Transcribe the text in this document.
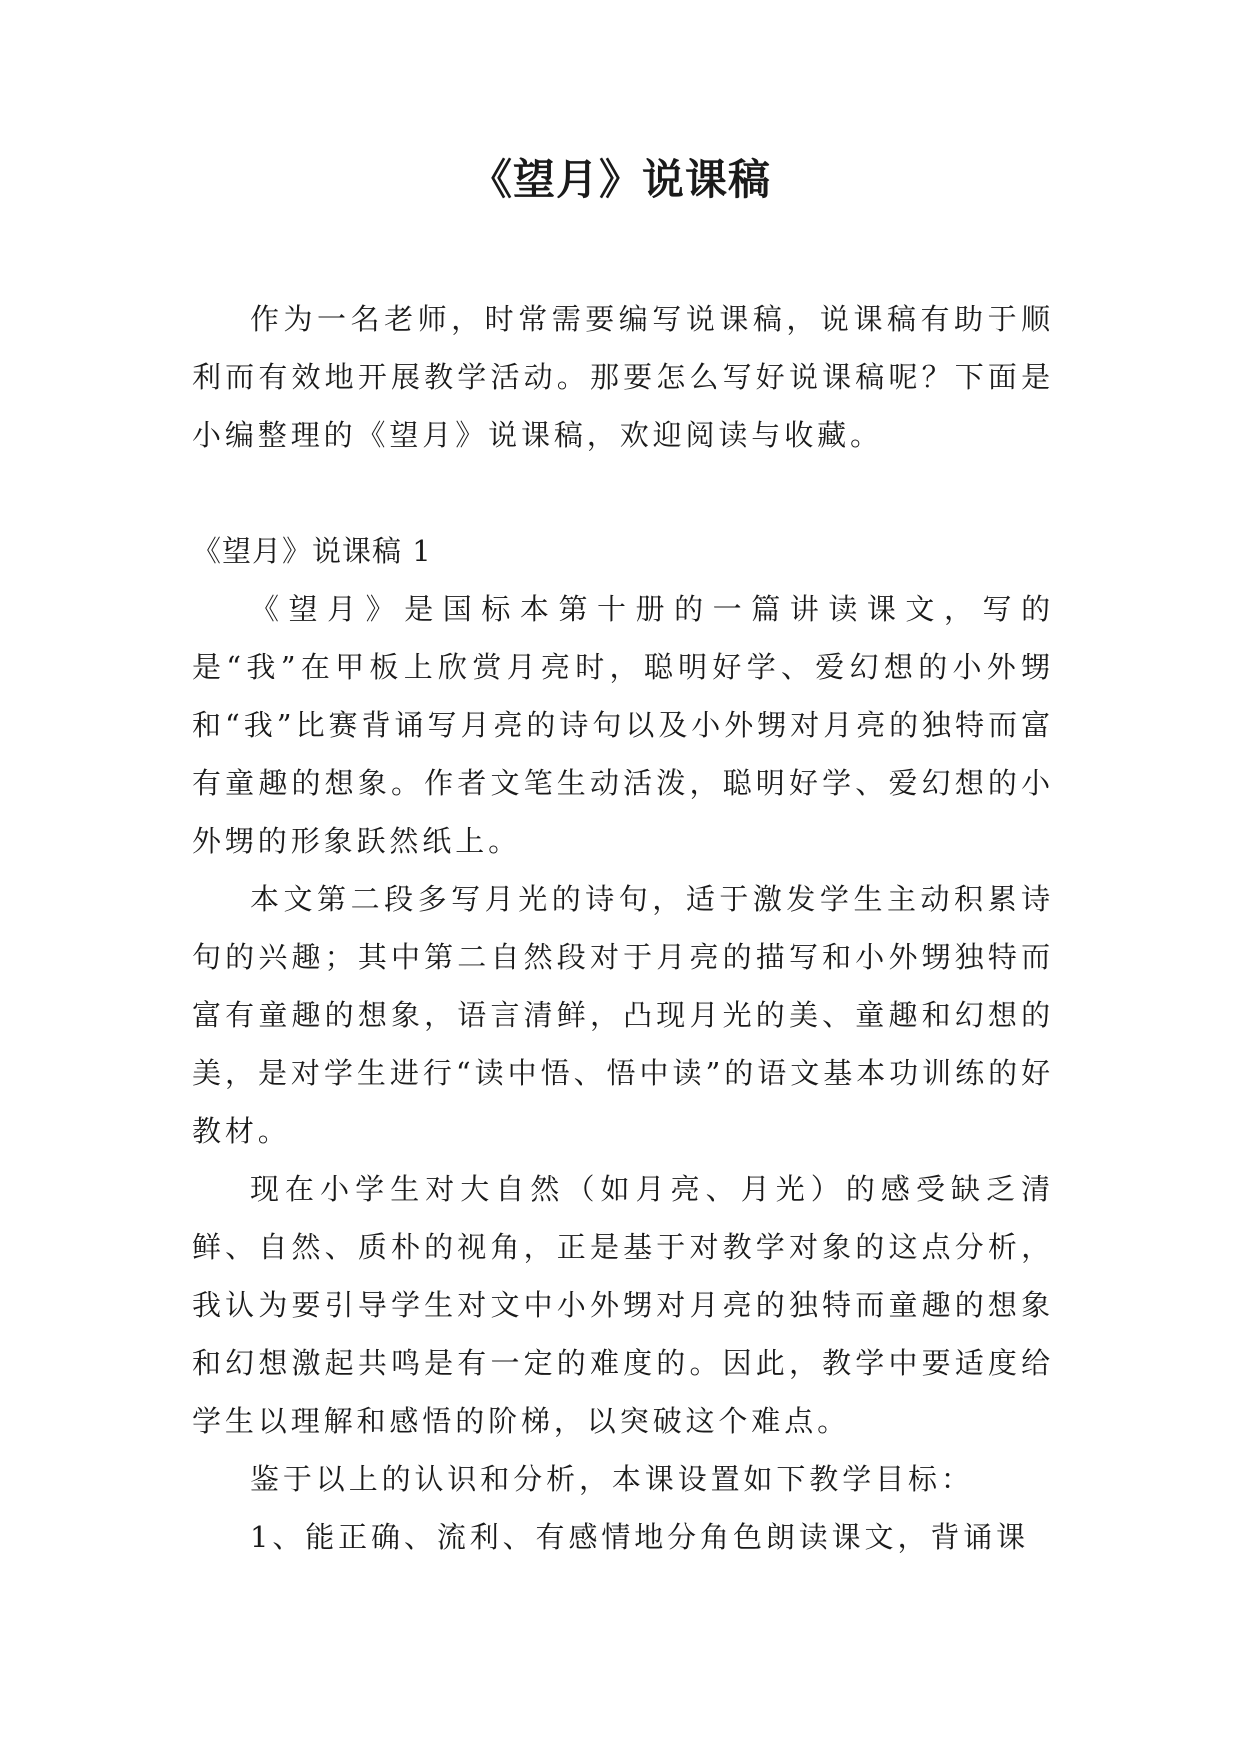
《望月》说课稿

作为一名老师，时常需要编写说课稿，说课稿有助于顺利而有效地开展教学活动。那要怎么写好说课稿呢？下面是小编整理的《望月》说课稿，欢迎阅读与收藏。

《望月》说课稿 1

《望月》是国标本第十册的一篇讲读课文，写的是“我”在甲板上欣赏月亮时，聪明好学、爱幻想的小外甥和“我”比赛背诵写月亮的诗句以及小外甥对月亮的独特而富有童趣的想象。作者文笔生动活泼，聪明好学、爱幻想的小外甥的形象跃然纸上。

本文第二段多写月光的诗句，适于激发学生主动积累诗句的兴趣；其中第二自然段对于月亮的描写和小外甥独特而富有童趣的想象，语言清鲜，凸现月光的美、童趣和幻想的美，是对学生进行“读中悟、悟中读”的语文基本功训练的好教材。

现在小学生对大自然（如月亮、月光）的感受缺乏清鲜、自然、质朴的视角，正是基于对教学对象的这点分析，我认为要引导学生对文中小外甥对月亮的独特而童趣的想象和幻想激起共鸣是有一定的难度的。因此，教学中要适度给学生以理解和感悟的阶梯，以突破这个难点。

鉴于以上的认识和分析，本课设置如下教学目标：

1、能正确、流利、有感情地分角色朗读课文，背诵课
